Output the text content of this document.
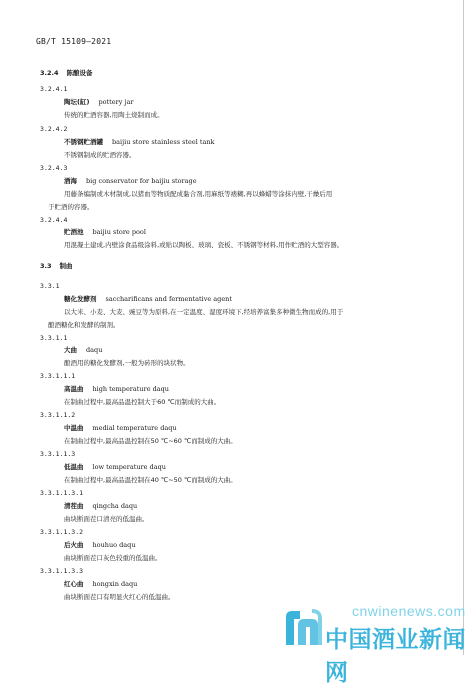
GB/T 15109—2021
3.2.4 陈酿设备
3.2.4.1
陶坛(缸) pottery jar
传统的贮酒容器,用陶土烧制而成。
3.2.4.2
不锈钢贮酒罐 baijiu store stainless steel tank
不锈钢制成的贮酒容器。
3.2.4.3
酒海 big conservator for baijiu storage
用藤条编制或木材制成,以猪血等物质配成黏合剂,用麻纸等裱糊,再以蜂蜡等涂抹内壁,干燥后用
于贮酒的容器。
3.2.4.4
贮酒池 baijiu store pool
用混凝土建成,内壁涂食品级涂料,或贴以陶板、玻璃、瓷板、不锈钢等材料,用作贮酒的大型容器。
3.3 制曲
3.3.1
糖化发酵剂 saccharificans and fermentative agent
以大米、小麦、大麦、豌豆等为原料,在一定温度、湿度环境下,经培养富集多种微生物而成的,用于
酿酒糖化和发酵的制剂。
3.3.1.1
大曲 daqu
酿酒用的糖化发酵剂,一般为砖形的块状物。
3.3.1.1.1
高温曲 high temperature daqu
在制曲过程中,最高品温控制大于60 ℃而制成的大曲。
3.3.1.1.2
中温曲 medial temperature daqu
在制曲过程中,最高品温控制在50 ℃~60 ℃而制成的大曲。
3.3.1.1.3
低温曲 low temperature daqu
在制曲过程中,最高品温控制在40 ℃~50 ℃而制成的大曲。
3.3.1.1.3.1
清茬曲 qingcha daqu
曲块断面茬口清亮的低温曲。
3.3.1.1.3.2
后火曲 houhuo daqu
曲块断面茬口灰色较重的低温曲。
3.3.1.1.3.3
红心曲 hongxin daqu
曲块断面茬口有明显火红心的低温曲。
cnwinenews.com
中国酒业新闻网
